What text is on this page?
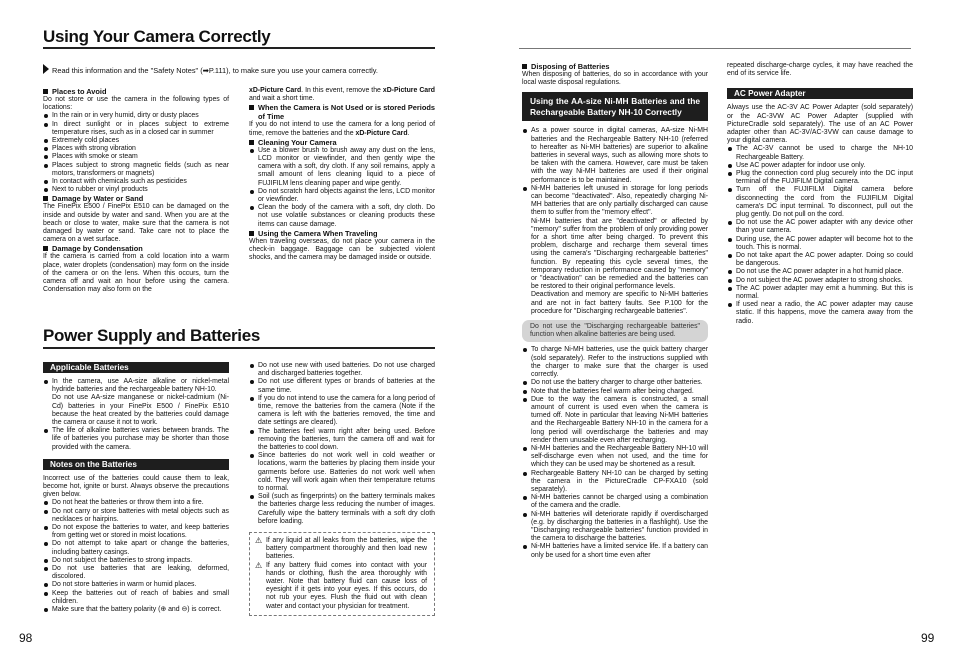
Using Your Camera Correctly
Read this information and the "Safety Notes" (➡P.111), to make sure you use your camera correctly.

Places to Avoid

Do not store or use the camera in the following types of locations:

In the rain or in very humid, dirty or dusty places
In direct sunlight or in places subject to extreme temperature rises, such as in a closed car in summer
Extremely cold places
Places with strong vibration
Places with smoke or steam
Places subject to strong magnetic fields (such as near motors, transformers or magnets)
In contact with chemicals such as pesticides
Next to rubber or vinyl products

Damage by Water or Sand

The FinePix E500 / FinePix E510 can be damaged on the inside and outside by water and sand. When you are at the beach or close to water, make sure that the camera is not damaged by water or sand. Take care not to place the camera on a wet surface.

Damage by Condensation

If the camera is carried from a cold location into a warm place, water droplets (condensation) may form on the inside of the camera or on the lens. When this occurs, turn the camera off and wait an hour before using the camera. Condensation may also form on the

xD-Picture Card. In this event, remove the xD-Picture Card and wait a short time.

When the Camera is Not Used or is stored Periods of Time

If you do not intend to use the camera for a long period of time, remove the batteries and the xD-Picture Card.

Cleaning Your Camera

Use a blower brush to brush away any dust on the lens, LCD monitor or viewfinder, and then gently wipe the camera with a soft, dry cloth. If any soil remains, apply a small amount of lens cleaning liquid to a piece of FUJIFILM lens cleaning paper and wipe gently.
Do not scratch hard objects against the lens, LCD monitor or viewfinder.
Clean the body of the camera with a soft, dry cloth. Do not use volatile substances or cleaning products these items can cause damage.

Using the Camera When Traveling

When traveling overseas, do not place your camera in the check-in baggage. Baggage can be subjected violent shocks, and the camera may be damaged inside or outside.

Power Supply and Batteries
Applicable Batteries
In the camera, use AA-size alkaline or nickel-metal hydride batteries and the rechargeable battery NH-10.
Do not use AA-size manganese or nickel-cadmium (Ni-Cd) batteries in your FinePix E500 / FinePix E510 because the heat created by the batteries could damage the camera or cause it not to work.
The life of alkaline batteries varies between brands. The life of batteries you purchase may be shorter than those provided with the camera.
Notes on the Batteries

Incorrect use of the batteries could cause them to leak, become hot, ignite or burst. Always observe the precautions given below.

Do not heat the batteries or throw them into a fire.
Do not carry or store batteries with metal objects such as necklaces or hairpins.
Do not expose the batteries to water, and keep batteries from getting wet or stored in moist locations.
Do not attempt to take apart or change the batteries, including battery casings.
Do not subject the batteries to strong impacts.
Do not use batteries that are leaking, deformed, discolored.
Do not store batteries in warm or humid places.
Keep the batteries out of reach of babies and small children.
Make sure that the battery polarity (⊕ and ⊖) is correct.
Do not use new with used batteries. Do not use charged and discharged batteries together.
Do not use different types or brands of batteries at the same time.
If you do not intend to use the camera for a long period of time, remove the batteries from the camera (Note if the camera is left with the batteries removed, the time and date settings are cleared).
The batteries feel warm right after being used. Before removing the batteries, turn the camera off and wait for the batteries to cool down.
Since batteries do not work well in cold weather or locations, warm the batteries by placing them inside your garments before use. Batteries do not work well when cold. They will work again when their temperature returns to normal.
Soil (such as fingerprints) on the battery terminals makes the batteries charge less reducing the number of images. Carefully wipe the battery terminals with a soft dry cloth before loading.

⚠ If any liquid at all leaks from the batteries, wipe the battery compartment thoroughly and then load new batteries.

⚠ If any battery fluid comes into contact with your hands or clothing, flush the area thoroughly with water. Note that battery fluid can cause loss of eyesight if it gets into your eyes. If this occurs, do not rub your eyes. Flush the fluid out with clean water and contact your physician for treatment.

98

Disposing of Batteries

When disposing of batteries, do so in accordance with your local waste disposal regulations.

Using the AA-size Ni-MH Batteries and the Rechargeable Battery NH-10 Correctly
As a power source in digital cameras, AA-size Ni-MH batteries and the Rechargeable Battery NH-10 (referred to hereafter as Ni-MH batteries) are superior to alkaline batteries in several ways, such as allowing more shots to be taken with the camera. However, care must be taken with the way Ni-MH batteries are used if their original performance is to be maintained.
Ni-MH batteries left unused in storage for long periods can become "deactivated". Also, repeatedly charging Ni-MH batteries that are only partially discharged can cause them to suffer from the "memory effect".
Ni-MH batteries that are "deactivated" or affected by "memory" suffer from the problem of only providing power for a short time after being charged. To prevent this problem, discharge and recharge them several times using the camera's "Discharging rechargeable batteries" function. By repeating this cycle several times, the temporary reduction in performance caused by "memory" or "deactivation" can be remedied and the batteries can be restored to their original performance levels.
Deactivation and memory are specific to Ni-MH batteries and are not in fact battery faults. See P.100 for the procedure for "Discharging rechargeable batteries".
Do not use the "Discharging rechargeable batteries" function when alkaline batteries are being used.
To charge Ni-MH batteries, use the quick battery charger (sold separately). Refer to the instructions supplied with the charger to make sure that the charger is used correctly.
Do not use the battery charger to charge other batteries.
Note that the batteries feel warm after being charged.
Due to the way the camera is constructed, a small amount of current is used even when the camera is turned off. Note in particular that leaving Ni-MH batteries and the Rechargeable Battery NH-10 in the camera for a long period will overdischarge the batteries and may render them unusable even after recharging.
Ni-MH batteries and the Rechargeable Battery NH-10 will self-discharge even when not used, and the time for which they can be used may be shortened as a result.
Rechargeable Battery NH-10 can be charged by setting the camera in the PictureCradle CP-FXA10 (sold separately).
Ni-MH batteries cannot be charged using a combination of the camera and the cradle.
Ni-MH batteries will deteriorate rapidly if overdischarged (e.g. by discharging the batteries in a flashlight). Use the "Discharging rechargeable batteries" function provided in the camera to discharge the batteries.
Ni-MH batteries have a limited service life. If a battery can only be used for a short time even after

repeated discharge-charge cycles, it may have reached the end of its service life.

AC Power Adapter

Always use the AC-3V AC Power Adapter (sold separately) or the AC-3VW AC Power Adapter (supplied with PictureCradle sold separately). The use of an AC Power adapter other than AC-3V/AC-3VW can cause damage to your digital camera.

The AC-3V cannot be used to charge the NH-10 Rechargeable Battery.
Use AC power adapter for indoor use only.
Plug the connection cord plug securely into the DC input terminal of the FUJIFILM Digital camera.
Turn off the FUJIFILM Digital camera before disconnecting the cord from the FUJIFILM Digital camera's DC input terminal. To disconnect, pull out the plug gently. Do not pull on the cord.
Do not use the AC power adapter with any device other than your camera.
During use, the AC power adapter will become hot to the touch. This is normal.
Do not take apart the AC power adapter. Doing so could be dangerous.
Do not use the AC power adapter in a hot humid place.
Do not subject the AC power adapter to strong shocks.
The AC power adapter may emit a humming. But this is normal.
If used near a radio, the AC power adapter may cause static. If this happens, move the camera away from the radio.
99
